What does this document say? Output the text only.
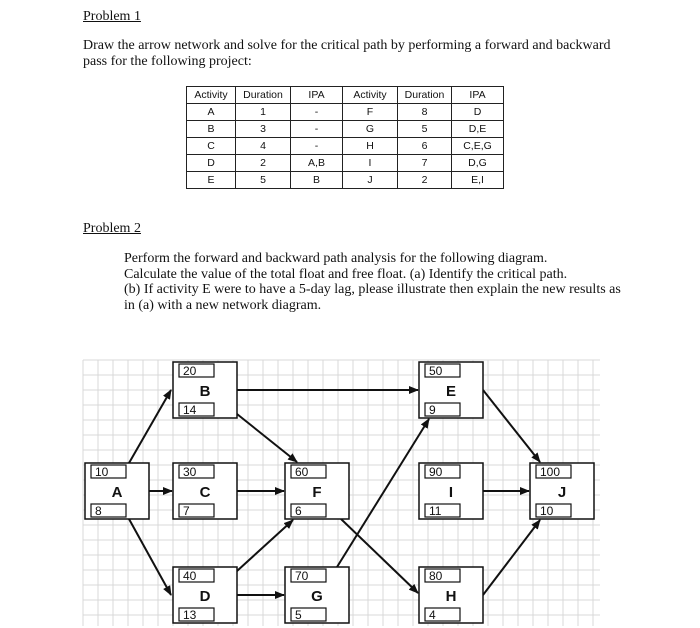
Problem 1
Draw the arrow network and solve for the critical path by performing a forward and backward
pass for the following project:
Activity	Duration	IPA	Activity	Duration	IPA
A	1	-	F	8	D
B	3	-	G	5	D,E
C	4	-	H	6	C,E,G
D	2	A,B	I	7	D,G
E	5	B	J	2	E,I
Problem 2
Perform the forward and backward path analysis for the following diagram.
Calculate the value of the total float and free float. (a) Identify the critical path.
(b) If activity E were to have a 5-day lag, please illustrate then explain the new results as
in (a) with a new network diagram.
10
A
8
20
B
14
30
C
7
40
D
13
50
E
9
60
F
6
70
G
5
80
H
4
90
I
11
100
J
10
